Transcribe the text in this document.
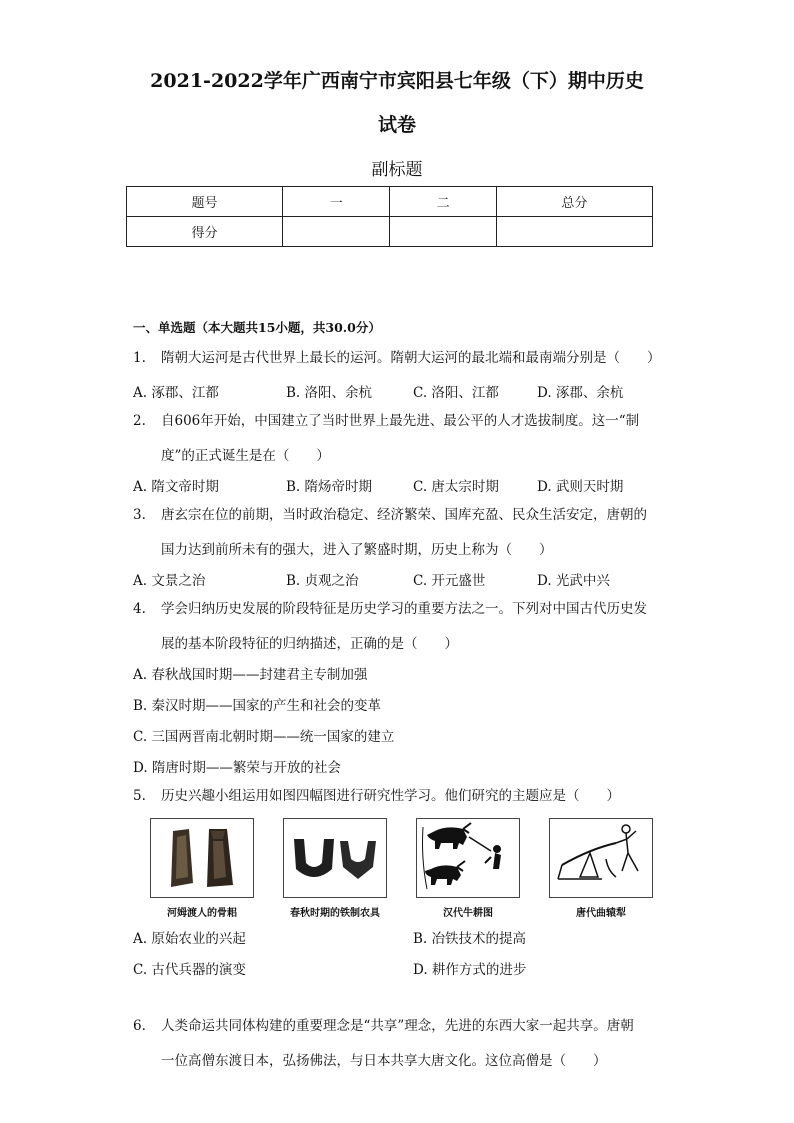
2021-2022学年广西南宁市宾阳县七年级（下）期中历史
试卷
副标题
题号	一	二	总分
得分			
一、单选题（本大题共15小题，共30.0分）
1. 隋朝大运河是古代世界上最长的运河。隋朝大运河的最北端和最南端分别是（　　）
A. 涿郡、江都	B. 洛阳、余杭	C. 洛阳、江都	D. 涿郡、余杭
2. 自606年开始，中国建立了当时世界上最先进、最公平的人才选拔制度。这一“制
度”的正式诞生是在（　　）
A. 隋文帝时期	B. 隋炀帝时期	C. 唐太宗时期	D. 武则天时期
3. 唐玄宗在位的前期，当时政治稳定、经济繁荣、国库充盈、民众生活安定，唐朝的
国力达到前所未有的强大，进入了繁盛时期，历史上称为（　　）
A. 文景之治	B. 贞观之治	C. 开元盛世	D. 光武中兴
4. 学会归纳历史发展的阶段特征是历史学习的重要方法之一。下列对中国古代历史发
展的基本阶段特征的归纳描述，正确的是（　　）
A. 春秋战国时期——封建君主专制加强
B. 秦汉时期——国家的产生和社会的变革
C. 三国两晋南北朝时期——统一国家的建立
D. 隋唐时期——繁荣与开放的社会
5. 历史兴趣小组运用如图四幅图进行研究性学习。他们研究的主题应是（　　）
河姆渡人的骨耜	春秋时期的铁制农具	汉代牛耕图	唐代曲辕犁
A. 原始农业的兴起	B. 冶铁技术的提高
C. 古代兵器的演变	D. 耕作方式的进步
6. 人类命运共同体构建的重要理念是“共享”理念，先进的东西大家一起共享。唐朝
一位高僧东渡日本，弘扬佛法，与日本共享大唐文化。这位高僧是（　　）
